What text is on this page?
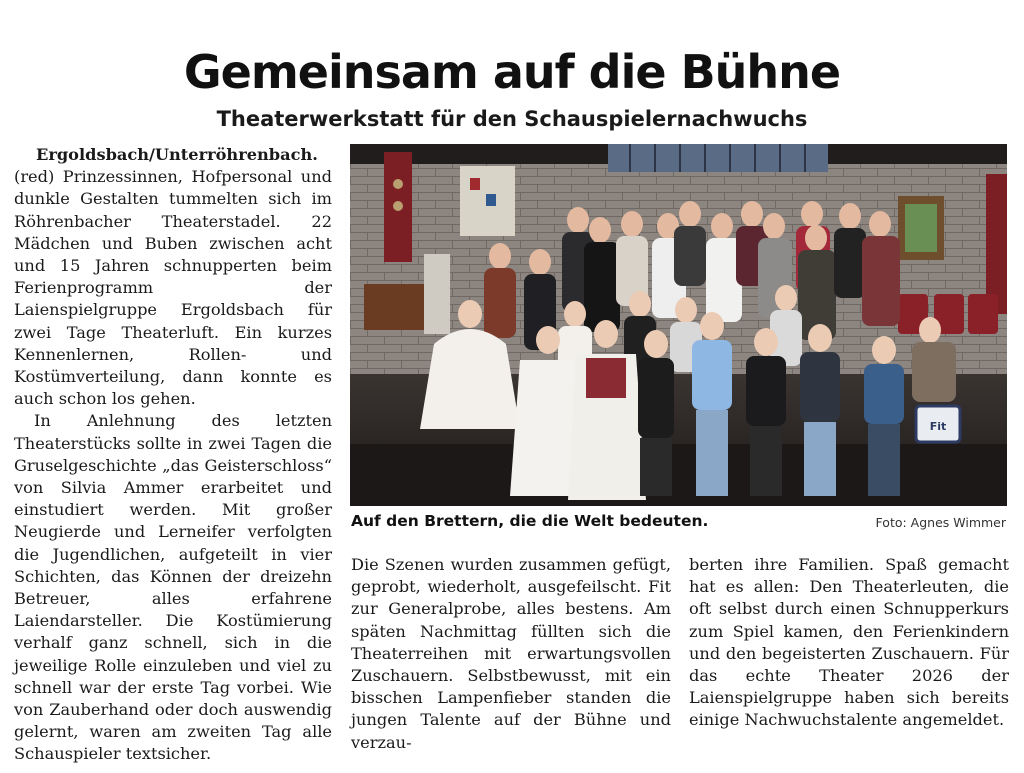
Gemeinsam auf die Bühne
Theaterwerkstatt für den Schauspielernachwuchs

Ergoldsbach/Unterröhrenbach.
(red) Prinzessinnen, Hofpersonal und dunkle Gestalten tummelten sich im Röhrenbacher Theaterstadel. 22 Mädchen und Buben zwischen acht und 15 Jahren schnupperten beim Ferienprogramm der Laienspielgruppe Ergoldsbach für zwei Tage Theaterluft. Ein kurzes Kennenlernen, Rollen- und Kostümverteilung, dann konnte es auch schon los gehen.

In Anlehnung des letzten Theaterstücks sollte in zwei Tagen die Gruselgeschichte „das Geisterschloss“ von Silvia Ammer erarbeitet und einstudiert werden. Mit großer Neugierde und Lerneifer verfolgten die Jugendlichen, aufgeteilt in vier Schichten, das Können der dreizehn Betreuer, alles erfahrene Laiendarsteller. Die Kostümierung verhalf ganz schnell, sich in die jeweilige Rolle einzuleben und viel zu schnell war der erste Tag vorbei. Wie von Zauberhand oder doch auswendig gelernt, waren am zweiten Tag alle Schauspieler textsicher.

Fit
Auf den Brettern, die die Welt bedeuten.	Foto: Agnes Wimmer

Die Szenen wurden zusammen gefügt, geprobt, wiederholt, ausgefeilscht. Fit zur Generalprobe, alles bestens. Am späten Nachmittag füllten sich die Theaterreihen mit erwartungsvollen Zuschauern. Selbstbewusst, mit ein bisschen Lampenfieber standen die jungen Talente auf der Bühne und verzau-

berten ihre Familien. Spaß gemacht hat es allen: Den Theaterleuten, die oft selbst durch einen Schnupperkurs zum Spiel kamen, den Ferienkindern und den begeisterten Zuschauern. Für das echte Theater 2026 der Laienspielgruppe haben sich bereits einige Nachwuchstalente angemeldet.
